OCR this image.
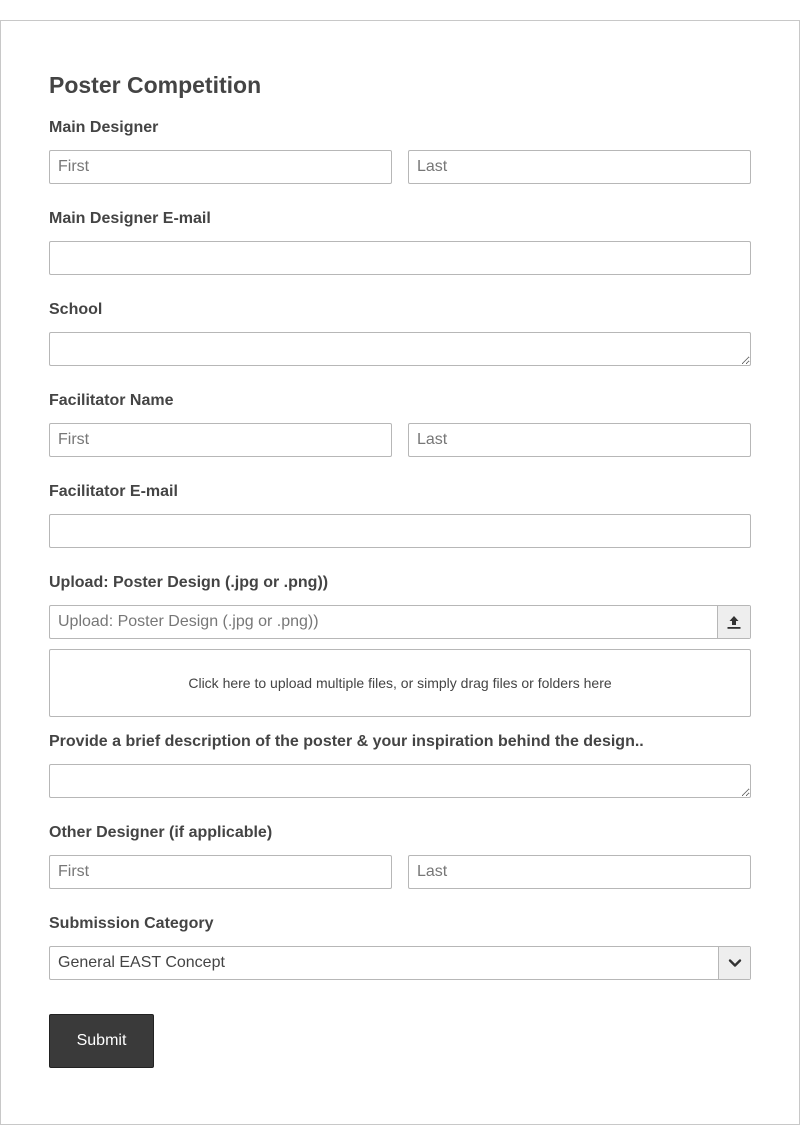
Poster Competition

Main Designer

First
Last

Main Designer E-mail

School

Facilitator Name

First
Last

Facilitator E-mail

Upload: Poster Design (.jpg or .png))

Upload: Poster Design (.jpg or .png))
Click here to upload multiple files, or simply drag files or folders here

Provide a brief description of the poster & your inspiration behind the design..

Other Designer (if applicable)

First
Last

Submission Category

General EAST Concept
Submit
